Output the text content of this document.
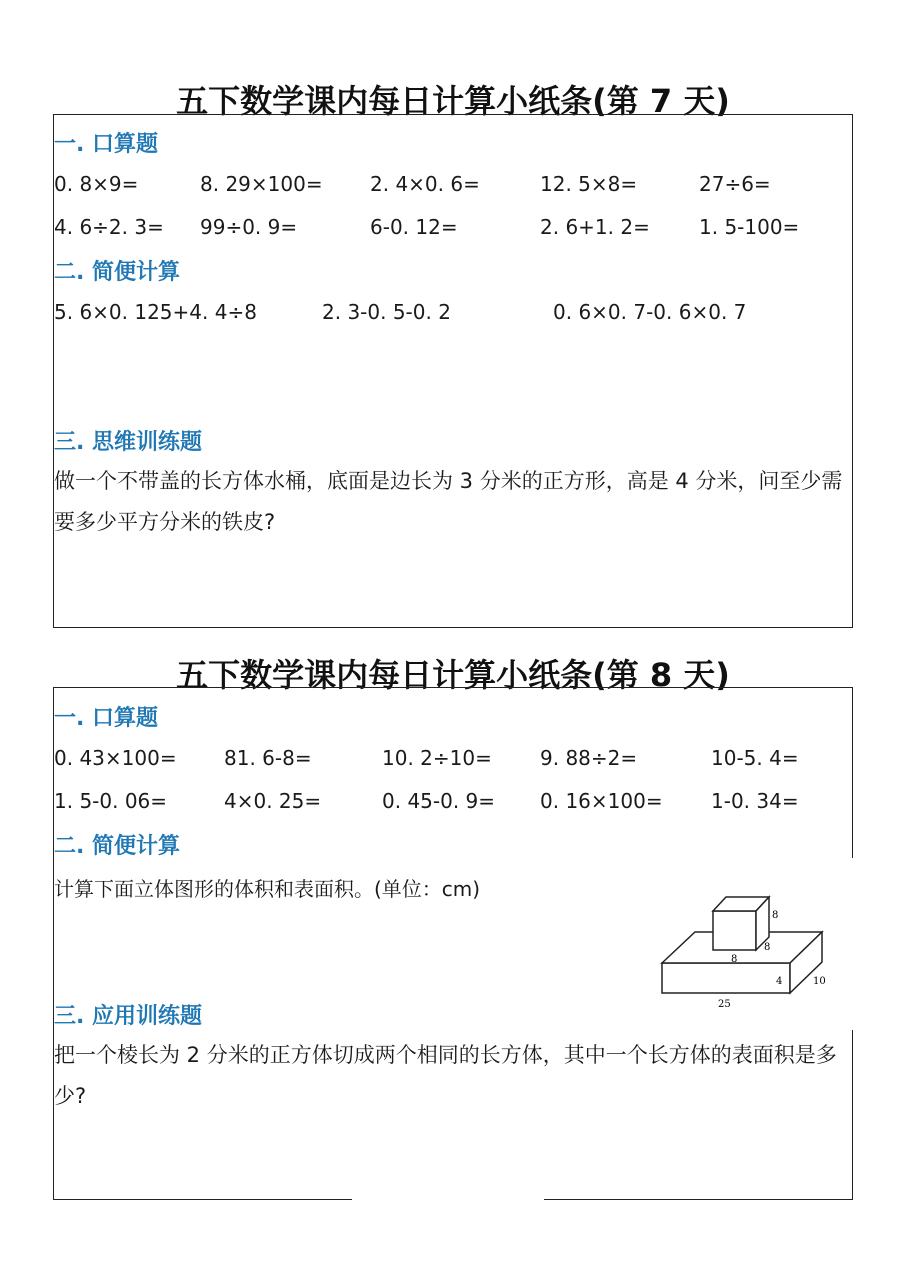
五下数学课内每日计算小纸条(第 7 天)
一. 口算题
0. 8×9=	8. 29×100= 2. 4×0. 6=	12. 5×8=	27÷6=
4. 6÷2. 3= 99÷0. 9=	6-0. 12=	2. 6+1. 2= 1. 5-100=
二. 简便计算
5. 6×0. 125+4. 4÷8	2. 3-0. 5-0. 2	0. 6×0. 7-0. 6×0. 7
三. 思维训练题
做一个不带盖的长方体水桶，底面是边长为 3 分米的正方形，高是 4 分米，问至少需要多少平方分米的铁皮?
五下数学课内每日计算小纸条(第 8 天)
一. 口算题
0. 43×100= 81. 6-8=	10. 2÷10= 9. 88÷2=	10-5. 4=
1. 5-0. 06=	4×0. 25=	0. 45-0. 9= 0. 16×100= 1-0. 34=
二. 简便计算
计算下面立体图形的体积和表面积。(单位：cm)
8
8
8
4	10
25
三. 应用训练题
把一个棱长为 2 分米的正方体切成两个相同的长方体，其中一个长方体的表面积是多少?
